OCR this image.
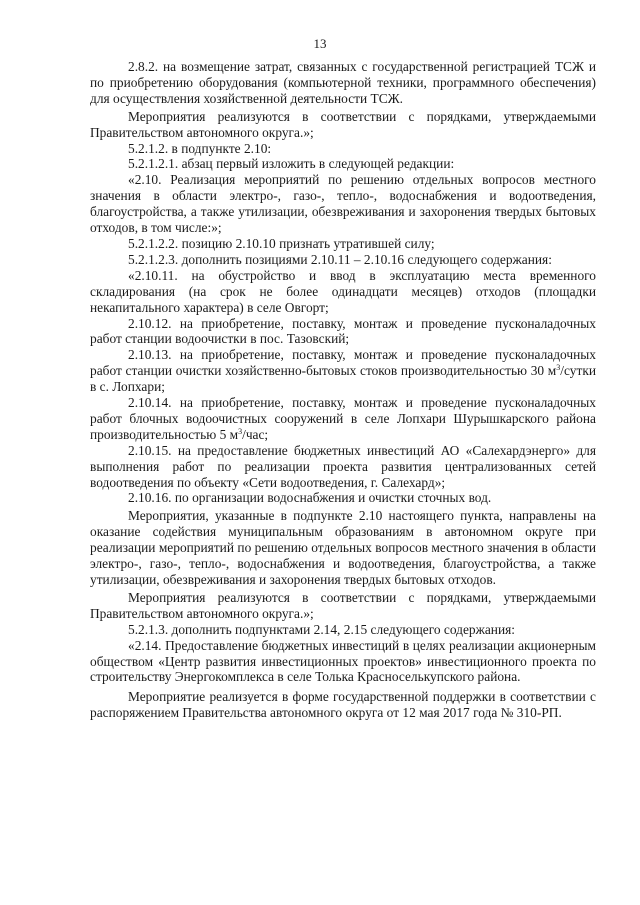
13

2.8.2. на возмещение затрат, связанных с государственной регистрацией ТСЖ и по приобретению оборудования (компьютерной техники, программного обеспечения) для осуществления хозяйственной деятельности ТСЖ.

Мероприятия реализуются в соответствии с порядками, утверждаемыми Правительством автономного округа.»;

5.2.1.2. в подпункте 2.10:

5.2.1.2.1. абзац первый изложить в следующей редакции:

«2.10. Реализация мероприятий по решению отдельных вопросов местного значения в области электро-, газо-, тепло-, водоснабжения и водоотведения, благоустройства, а также утилизации, обезвреживания и захоронения твердых бытовых отходов, в том числе:»;

5.2.1.2.2. позицию 2.10.10 признать утратившей силу;

5.2.1.2.3. дополнить позициями 2.10.11 – 2.10.16 следующего содержания:

«2.10.11. на обустройство и ввод в эксплуатацию места временного складирования (на срок не более одинадцати месяцев) отходов (площадки некапитального характера) в селе Овгорт;

2.10.12. на приобретение, поставку, монтаж и проведение пусконаладочных работ станции водоочистки в пос. Тазовский;

2.10.13. на приобретение, поставку, монтаж и проведение пусконаладочных работ станции очистки хозяйственно-бытовых стоков производительностью 30 $м^3$/сутки в с. Лопхари;

2.10.14. на приобретение, поставку, монтаж и проведение пусконаладочных работ блочных водоочистных сооружений в селе Лопхари Шурышкарского района производительностью 5 $м^3$/час;

2.10.15. на предоставление бюджетных инвестиций АО «Салехардэнерго» для выполнения работ по реализации проекта развития централизованных сетей водоотведения по объекту «Сети водоотведения, г. Салехард»;

2.10.16. по организации водоснабжения и очистки сточных вод.

Мероприятия, указанные в подпункте 2.10 настоящего пункта, направлены на оказание содействия муниципальным образованиям в автономном округе при реализации мероприятий по решению отдельных вопросов местного значения в области электро-, газо-, тепло-, водоснабжения и водоотведения, благоустройства, а также утилизации, обезвреживания и захоронения твердых бытовых отходов.

Мероприятия реализуются в соответствии с порядками, утверждаемыми Правительством автономного округа.»;

5.2.1.3. дополнить подпунктами 2.14, 2.15 следующего содержания:

«2.14. Предоставление бюджетных инвестиций в целях реализации акционерным обществом «Центр развития инвестиционных проектов» инвестиционного проекта по строительству Энергокомплекса в селе Толька Красноселькупского района.

Мероприятие реализуется в форме государственной поддержки в соответствии с распоряжением Правительства автономного округа от 12 мая 2017 года № 310-РП.
